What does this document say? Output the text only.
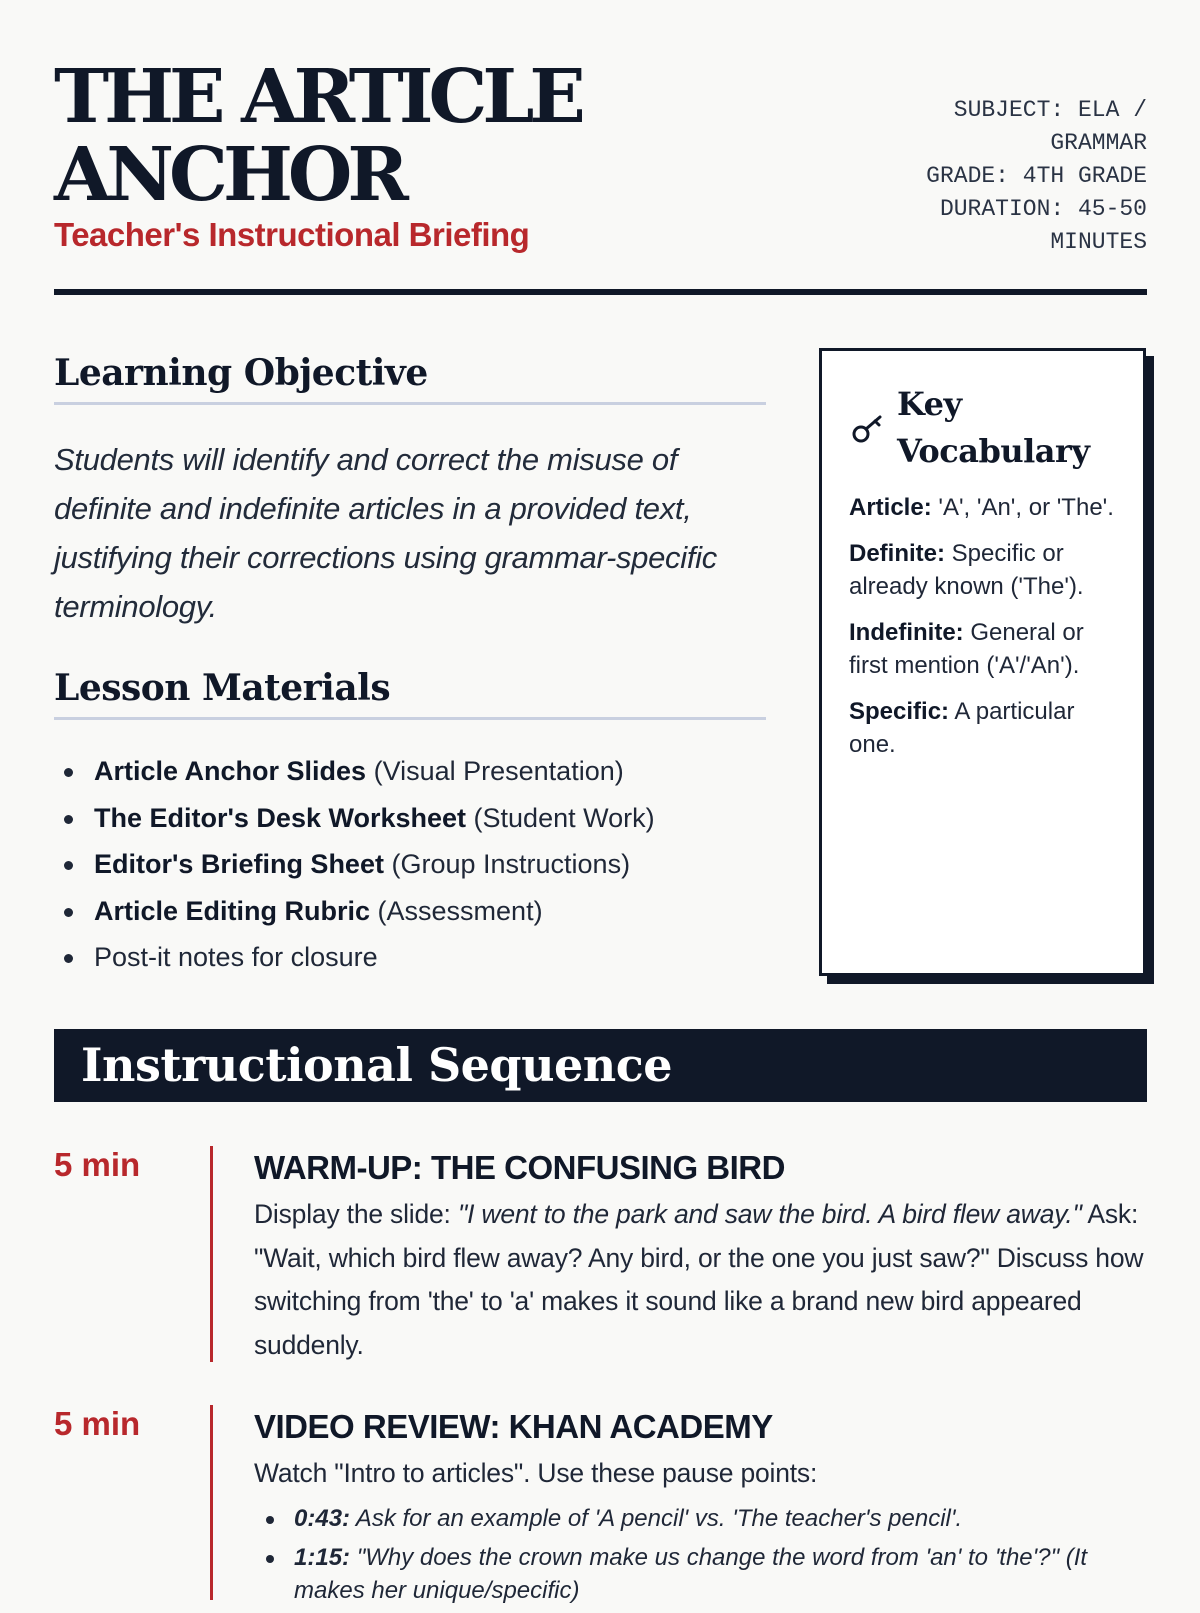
THE ARTICLE ANCHOR
Teacher's Instructional Briefing
SUBJECT: ELA / GRAMMAR
GRADE: 4TH GRADE
DURATION: 45-50 MINUTES
Learning Objective

Students will identify and correct the misuse of definite and indefinite articles in a provided text, justifying their corrections using grammar-specific terminology.

Lesson Materials
Article Anchor Slides (Visual Presentation)
The Editor's Desk Worksheet (Student Work)
Editor's Briefing Sheet (Group Instructions)
Article Editing Rubric (Assessment)
Post-it notes for closure
Key Vocabulary
Article: 'A', 'An', or 'The'.
Definite: Specific or already known ('The').
Indefinite: General or first mention ('A'/'An').
Specific: A particular one.
Instructional Sequence
5 min	WARM-UP: THE CONFUSING BIRD

Display the slide: "I went to the park and saw the bird. A bird flew away." Ask: "Wait, which bird flew away? Any bird, or the one you just saw?" Discuss how switching from 'the' to 'a' makes it sound like a brand new bird appeared suddenly.

5 min	VIDEO REVIEW: KHAN ACADEMY

Watch "Intro to articles". Use these pause points:

0:43: Ask for an example of 'A pencil' vs. 'The teacher's pencil'.
1:15: "Why does the crown make us change the word from 'an' to 'the'?" (It makes her unique/specific)
